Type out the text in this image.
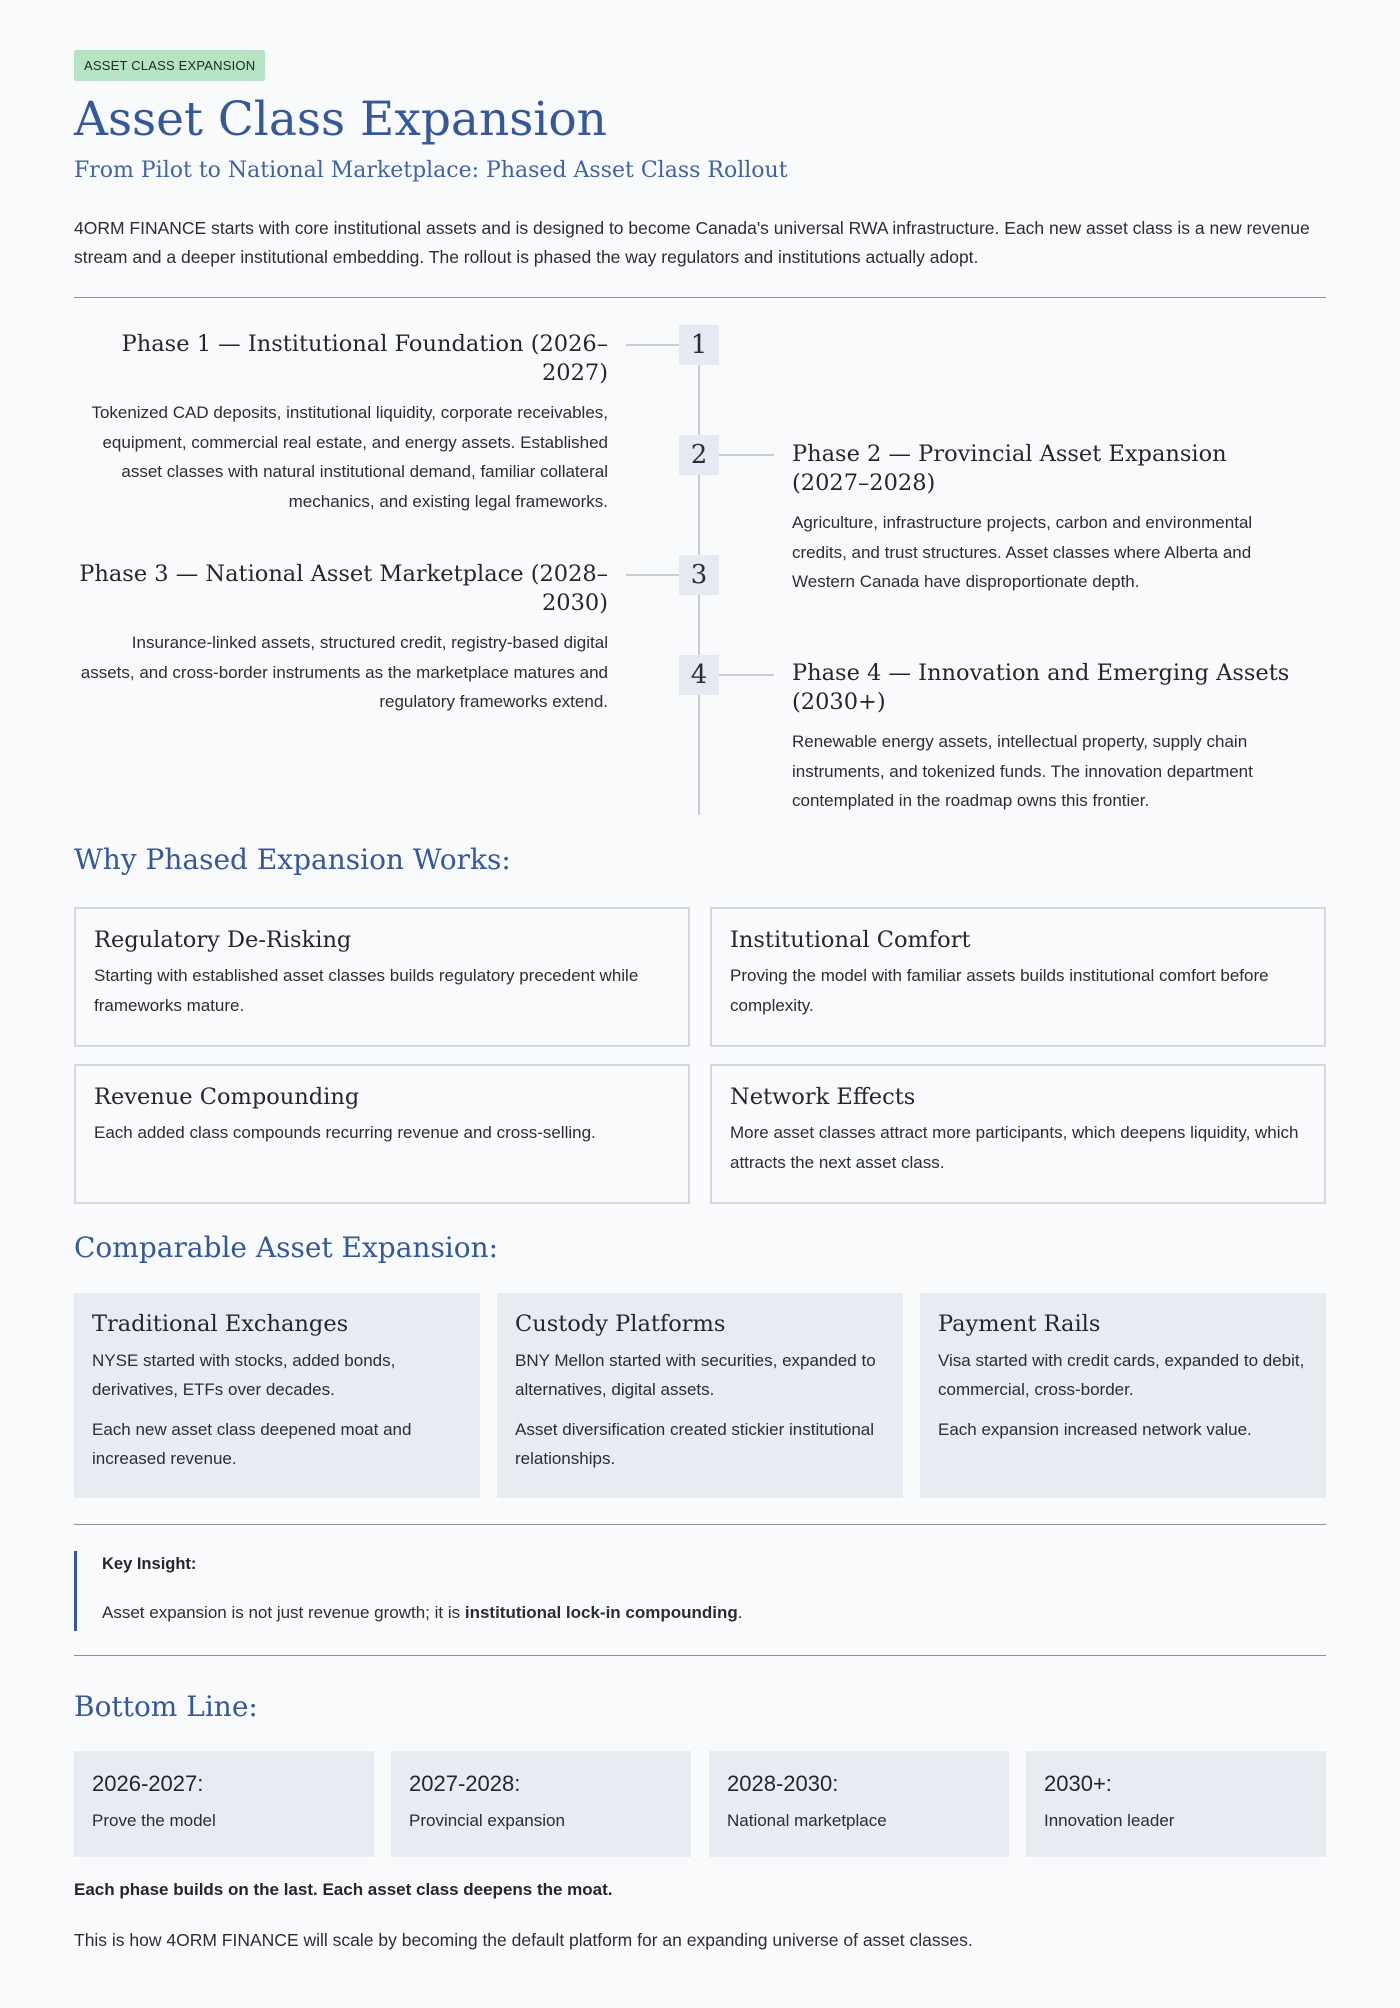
ASSET CLASS EXPANSION
Asset Class Expansion
From Pilot to National Marketplace: Phased Asset Class Rollout

4ORM FINANCE starts with core institutional assets and is designed to become Canada's universal RWA infrastructure. Each new asset class is a new revenue stream and a deeper institutional embedding. The rollout is phased the way regulators and institutions actually adopt.

1
2
3
4
Phase 1 — Institutional Foundation (2026–2027)

Tokenized CAD deposits, institutional liquidity, corporate receivables, equipment, commercial real estate, and energy assets. Established asset classes with natural institutional demand, familiar collateral mechanics, and existing legal frameworks.

Phase 2 — Provincial Asset Expansion (2027–2028)

Agriculture, infrastructure projects, carbon and environmental credits, and trust structures. Asset classes where Alberta and Western Canada have disproportionate depth.

Phase 3 — National Asset Marketplace (2028–2030)

Insurance-linked assets, structured credit, registry-based digital assets, and cross-border instruments as the marketplace matures and regulatory frameworks extend.

Phase 4 — Innovation and Emerging Assets (2030+)

Renewable energy assets, intellectual property, supply chain instruments, and tokenized funds. The innovation department contemplated in the roadmap owns this frontier.

Why Phased Expansion Works:
Regulatory De-Risking

Starting with established asset classes builds regulatory precedent while frameworks mature.

Institutional Comfort

Proving the model with familiar assets builds institutional comfort before complexity.

Revenue Compounding

Each added class compounds recurring revenue and cross-selling.

Network Effects

More asset classes attract more participants, which deepens liquidity, which attracts the next asset class.

Comparable Asset Expansion:
Traditional Exchanges

NYSE started with stocks, added bonds, derivatives, ETFs over decades.

Each new asset class deepened moat and increased revenue.

Custody Platforms

BNY Mellon started with securities, expanded to alternatives, digital assets.

Asset diversification created stickier institutional relationships.

Payment Rails

Visa started with credit cards, expanded to debit, commercial, cross-border.

Each expansion increased network value.

Key Insight:

Asset expansion is not just revenue growth; it is institutional lock-in compounding.

Bottom Line:
2026-2027:
Prove the model
2027-2028:
Provincial expansion
2028-2030:
National marketplace
2030+:
Innovation leader

Each phase builds on the last. Each asset class deepens the moat.

This is how 4ORM FINANCE will scale by becoming the default platform for an expanding universe of asset classes.
